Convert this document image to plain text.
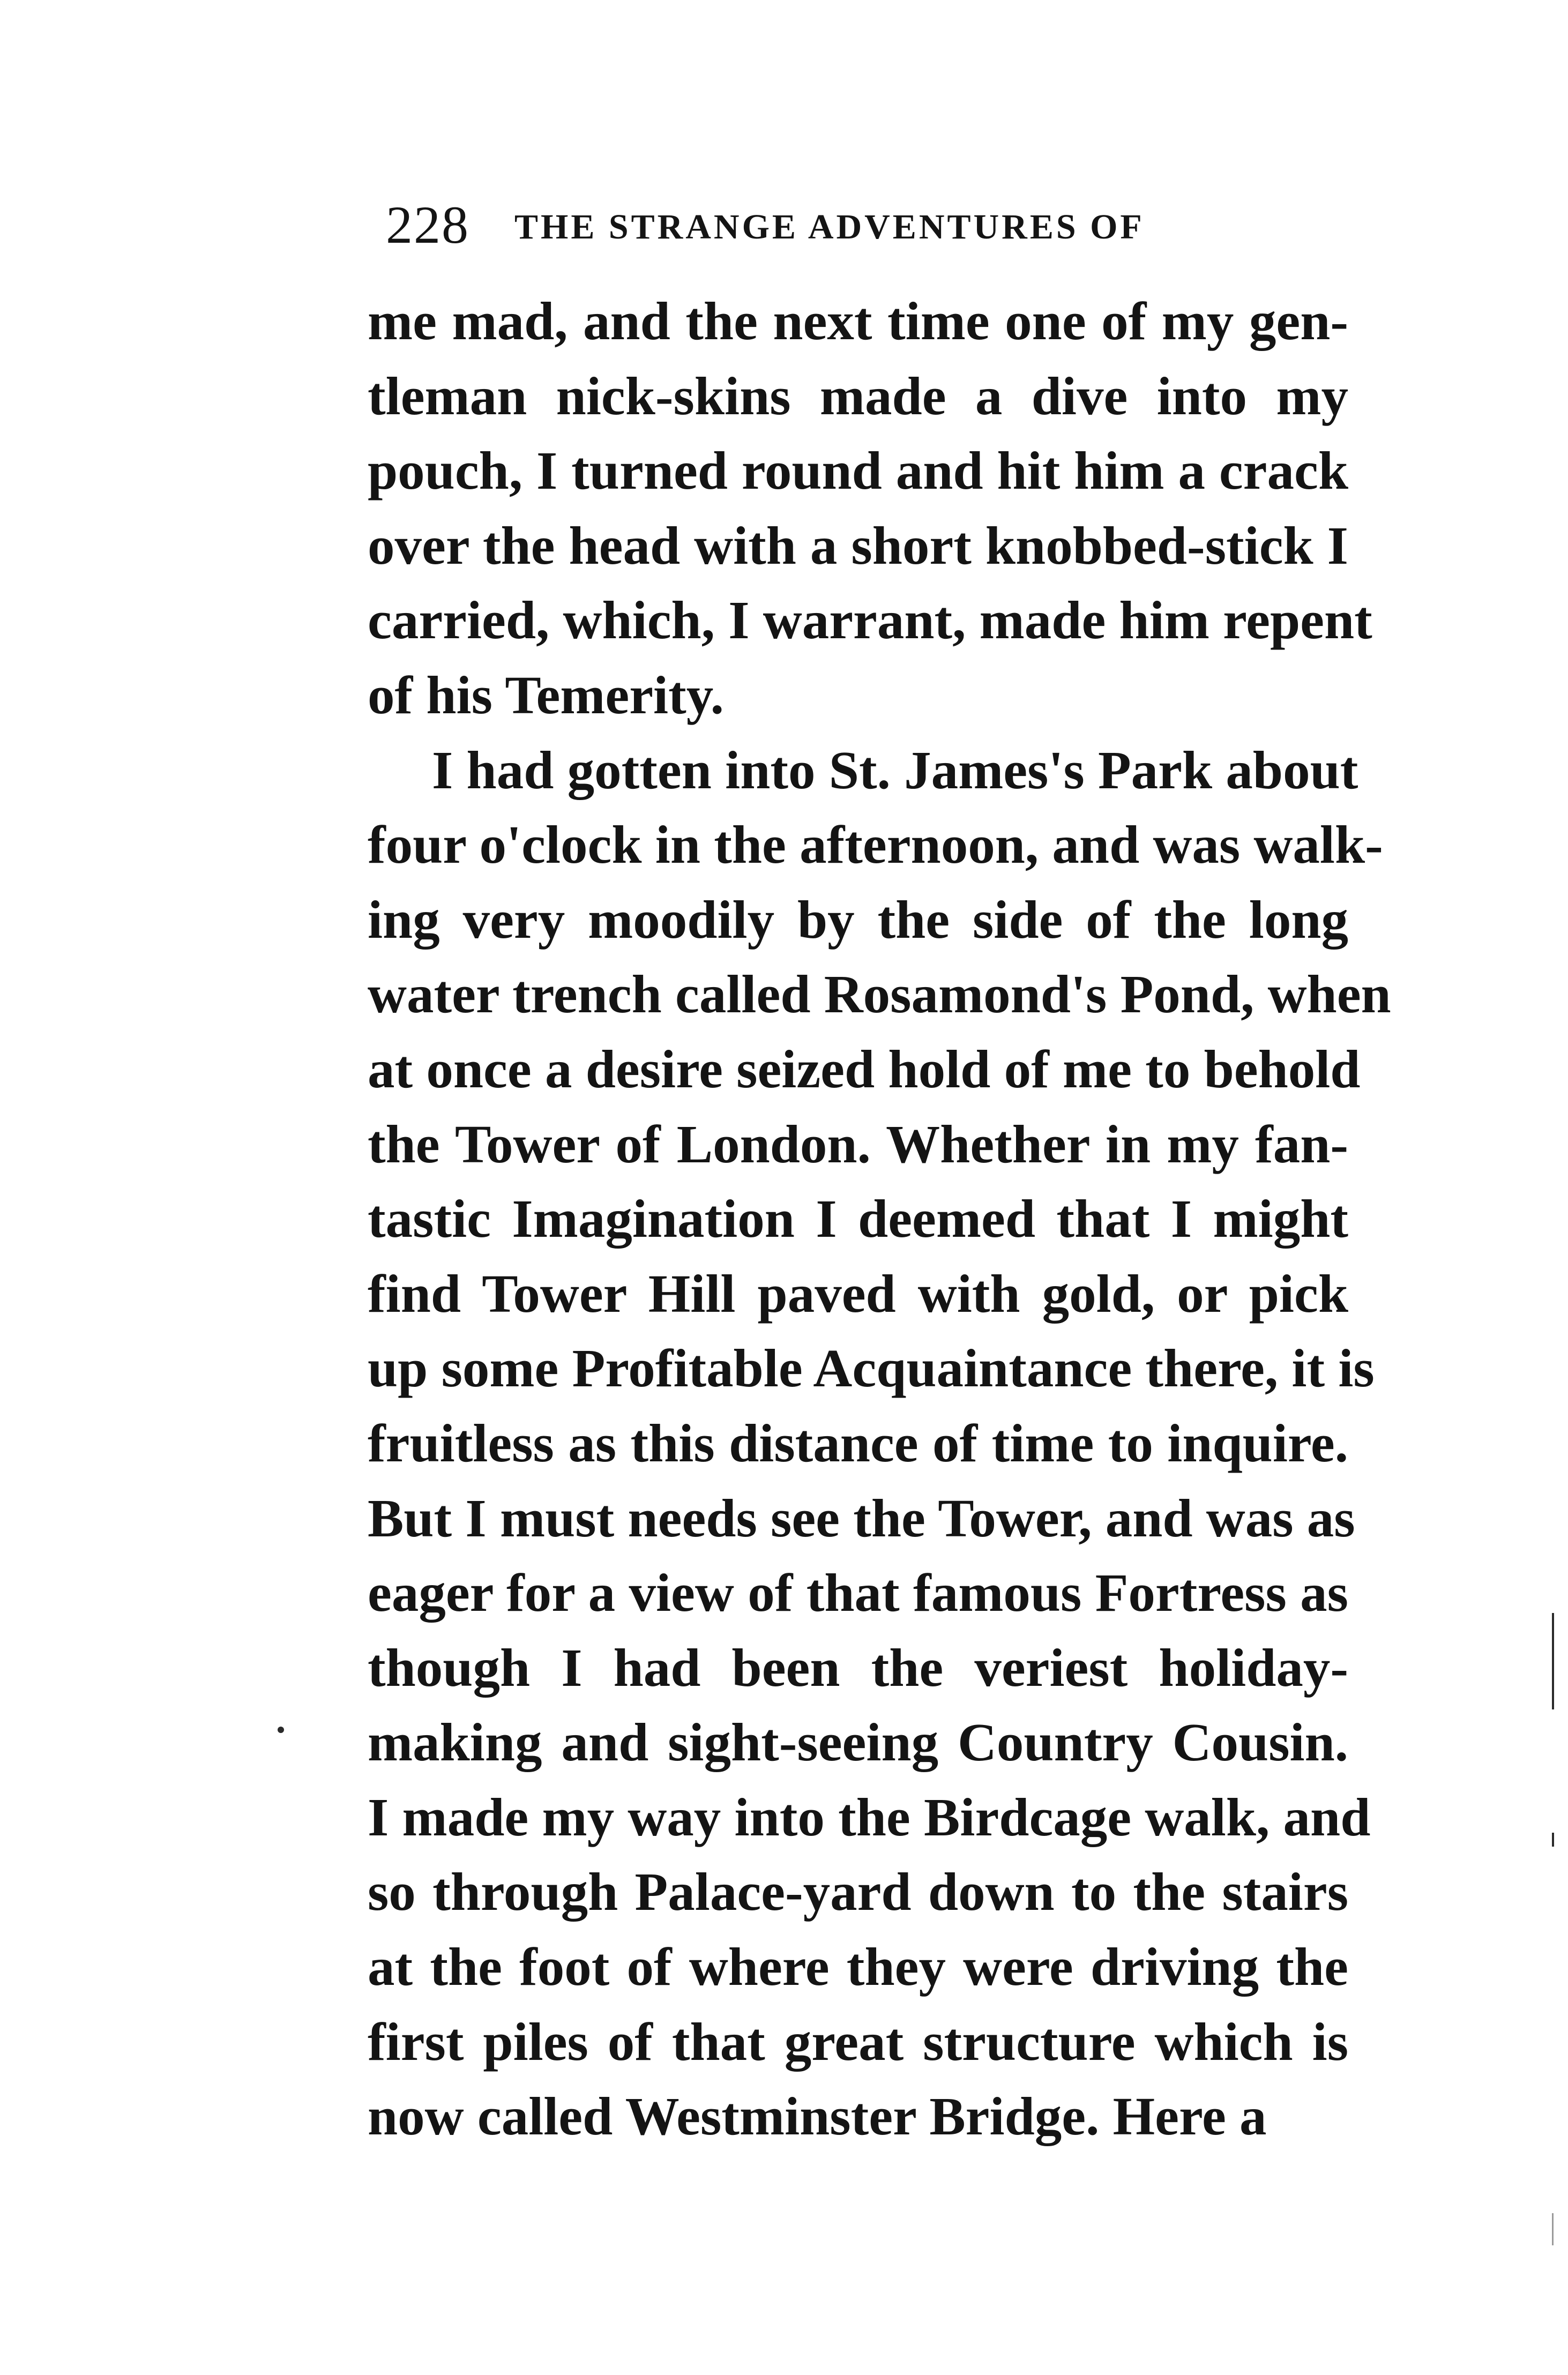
228 THE STRANGE ADVENTURES OF
me mad, and the next time one of my gen-
tleman nick-skins made a dive into my
pouch, I turned round and hit him a crack
over the head with a short knobbed-stick I
carried, which, I warrant, made him repent
of his Temerity.
I had gotten into St. James's Park about
four o'clock in the afternoon, and was walk-
ing very moodily by the side of the long
water trench called Rosamond's Pond, when
at once a desire seized hold of me to behold
the Tower of London. Whether in my fan-
tastic Imagination I deemed that I might
find Tower Hill paved with gold, or pick
up some Profitable Acquaintance there, it is
fruitless as this distance of time to inquire.
But I must needs see the Tower, and was as
eager for a view of that famous Fortress as
though I had been the veriest holiday-
making and sight-seeing Country Cousin.
I made my way into the Birdcage walk, and
so through Palace-yard down to the stairs
at the foot of where they were driving the
first piles of that great structure which is
now called Westminster Bridge. Here a
